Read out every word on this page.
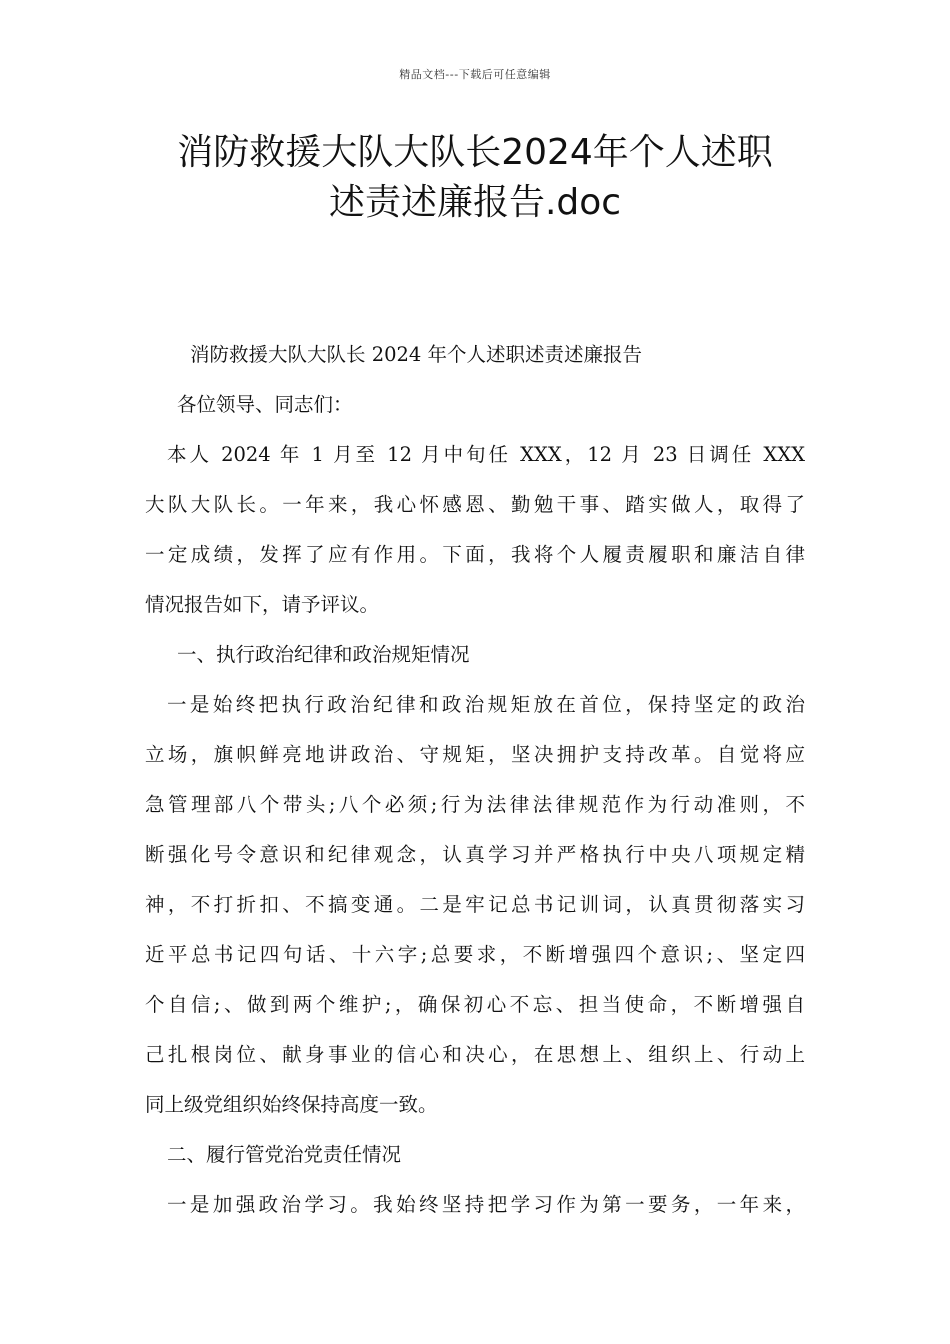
精品文档---下载后可任意编辑
消防救援大队大队长2024年个人述职
述责述廉报告.doc
消防救援大队大队长 2024 年个人述职述责述廉报告
各位领导、同志们：
本人 2024 年 1 月至 12 月中旬任 XXX，12 月 23 日调任 XXX
大队大队长。一年来，我心怀感恩、勤勉干事、踏实做人，取得了
一定成绩，发挥了应有作用。下面，我将个人履责履职和廉洁自律
情况报告如下，请予评议。
一、执行政治纪律和政治规矩情况
一是始终把执行政治纪律和政治规矩放在首位，保持坚定的政治
立场，旗帜鲜亮地讲政治、守规矩，坚决拥护支持改革。自觉将应
急管理部八个带头;八个必须;行为法律法律规范作为行动准则，不
断强化号令意识和纪律观念，认真学习并严格执行中央八项规定精
神，不打折扣、不搞变通。二是牢记总书记训词，认真贯彻落实习
近平总书记四句话、十六字;总要求，不断增强四个意识;、坚定四
个自信;、做到两个维护;，确保初心不忘、担当使命，不断增强自
己扎根岗位、献身事业的信心和决心，在思想上、组织上、行动上
同上级党组织始终保持高度一致。
二、履行管党治党责任情况
一是加强政治学习。我始终坚持把学习作为第一要务，一年来，
